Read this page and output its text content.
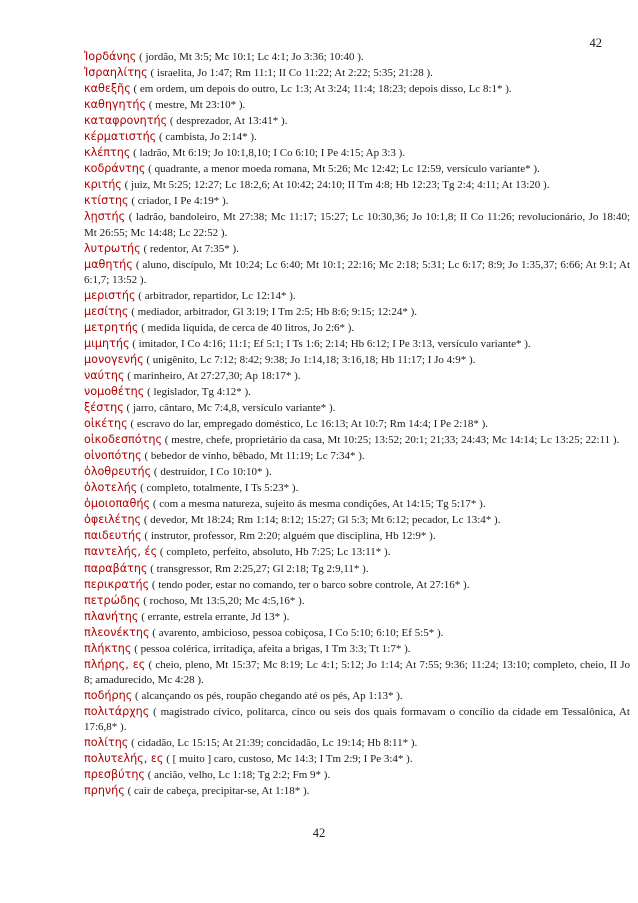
42
Ἰορδάνης ( jordão, Mt 3:5; Mc 10:1; Lc 4:1; Jo 3:36; 10:40 ).
Ἰσραηλίτης ( israelita, Jo 1:47; Rm 11:1; II Co 11:22; At 2:22; 5:35; 21:28 ).
καθεξῆς ( em ordem, um depois do outro, Lc 1:3; At 3:24; 11:4; 18:23; depois disso, Lc 8:1* ).
καθηγητής ( mestre, Mt 23:10* ).
καταφρονητής ( desprezador, At 13:41* ).
κέρματιστής ( cambista, Jo 2:14* ).
κλέπτης ( ladrão, Mt 6:19; Jo 10:1,8,10; I Co 6:10; I Pe 4:15; Ap 3:3 ).
κοδράντης ( quadrante, a menor moeda romana, Mt 5:26; Mc 12:42; Lc 12:59, versículo variante* ).
κριτής ( juiz, Mt 5:25; 12:27; Lc 18:2,6; At 10:42; 24:10; II Tm 4:8; Hb 12:23; Tg 2:4; 4:11; At 13:20 ).
κτίστης ( criador, I Pe 4:19* ).
λῃστής ( ladrão, bandoleiro, Mt 27:38; Mc 11:17; 15:27; Lc 10:30,36; Jo 10:1,8; II Co 11:26; revolucionário, Jo 18:40; Mt 26:55; Mc 14:48; Lc 22:52 ).
λυτρωτής ( redentor, At 7:35* ).
μαθητής ( aluno, discípulo, Mt 10:24; Lc 6:40; Mt 10:1; 22:16; Mc 2:18; 5:31; Lc 6:17; 8:9; Jo 1:35,37; 6:66; At 9:1; At 6:1,7; 13:52 ).
μεριστής ( arbitrador, repartidor, Lc 12:14* ).
μεσίτης ( mediador, arbitrador, Gl 3:19; I Tm 2:5; Hb 8:6; 9:15; 12:24* ).
μετρητής ( medida líquida, de cerca de 40 litros, Jo 2:6* ).
μιμητής ( imitador, I Co 4:16; 11:1; Ef 5:1; I Ts 1:6; 2:14; Hb 6:12; I Pe 3:13, versículo variante* ).
μονογενής ( unigênito, Lc 7:12; 8:42; 9:38; Jo 1:14,18; 3:16,18; Hb 11:17; I Jo 4:9* ).
ναύτης ( marinheiro, At 27:27,30; Ap 18:17* ).
νομοθέτης ( legislador, Tg 4:12* ).
ξέστης ( jarro, cântaro, Mc 7:4,8, versículo variante* ).
οἰκέτης ( escravo do lar, empregado doméstico, Lc 16:13; At 10:7; Rm 14:4; I Pe 2:18* ).
οἰκοδεσπότης ( mestre, chefe, proprietário da casa, Mt 10:25; 13:52; 20:1; 21;33; 24:43; Mc 14:14; Lc 13:25; 22:11 ).
οἰνοπότης ( bebedor de vinho, bêbado, Mt 11:19; Lc 7:34* ).
ὀλοθρευτής ( destruidor, I Co 10:10* ).
ὁλοτελής ( completo, totalmente, I Ts 5:23* ).
ὁμοιοπαθής ( com a mesma natureza, sujeito ás mesma condições, At 14:15; Tg 5:17* ).
ὀφειλέτης ( devedor, Mt 18:24; Rm 1:14; 8:12; 15:27; Gl 5:3; Mt 6:12; pecador, Lc 13:4* ).
παιδευτής ( instrutor, professor, Rm 2:20; alguém que disciplina, Hb 12:9* ).
παντελής, ές ( completo, perfeito, absoluto, Hb 7:25; Lc 13:11* ).
παραβάτης ( transgressor, Rm 2:25,27; Gl 2:18; Tg 2:9,11* ).
περικρατής ( tendo poder, estar no comando, ter o barco sobre controle, At 27:16* ).
πετρώδης ( rochoso, Mt 13:5,20; Mc 4:5,16* ).
πλανήτης ( errante, estrela errante, Jd 13* ).
πλεονέκτης ( avarento, ambicioso, pessoa cobiçosa, I Co 5:10; 6:10; Ef 5:5* ).
πλήκτης ( pessoa colérica, irritadiça, afeita a brigas, I Tm 3:3; Tt 1:7* ).
πλήρης, ες ( cheio, pleno, Mt 15:37; Mc 8:19; Lc 4:1; 5:12; Jo 1:14; At 7:55; 9:36; 11:24; 13:10; completo, cheio, II Jo 8; amadurecido, Mc 4:28 ).
ποδήρης ( alcançando os pés, roupão chegando até os pés, Ap 1:13* ).
πολιτάρχης ( magistrado cívico, politarca, cinco ou seis dos quais formavam o concílio da cidade em Tessalônica, At 17:6,8* ).
πολίτης ( cidadão, Lc 15:15; At 21:39; concidadão, Lc 19:14; Hb 8:11* ).
πολυτελής, ες ( [ muito ] caro, custoso, Mc 14:3; I Tm 2:9; I Pe 3:4* ).
πρεσβύτης ( ancião, velho, Lc 1:18; Tg 2:2; Fm 9* ).
πρηνής ( cair de cabeça, precipitar-se, At 1:18* ).
42
